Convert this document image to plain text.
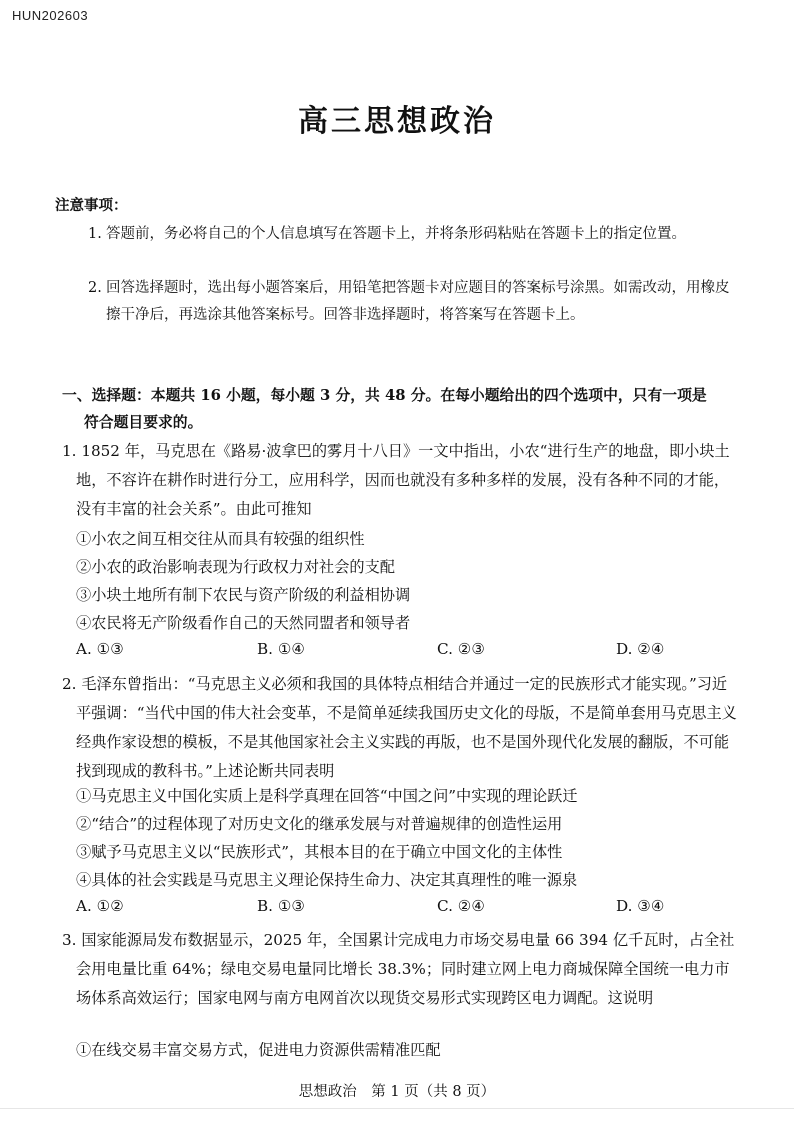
HUN202603
高三思想政治
注意事项：
1. 答题前，务必将自己的个人信息填写在答题卡上，并将条形码粘贴在答题卡上的指定位置。
2. 回答选择题时，选出每小题答案后，用铅笔把答题卡对应题目的答案标号涂黑。如需改动，用橡皮擦干净后，再选涂其他答案标号。回答非选择题时，将答案写在答题卡上。
一、选择题：本题共 16 小题，每小题 3 分，共 48 分。在每小题给出的四个选项中，只有一项是
符合题目要求的。
1. 1852 年，马克思在《路易·波拿巴的雾月十八日》一文中指出，小农“进行生产的地盘，即小块土地，不容许在耕作时进行分工，应用科学，因而也就没有多种多样的发展，没有各种不同的才能，没有丰富的社会关系”。由此可推知
①小农之间互相交往从而具有较强的组织性
②小农的政治影响表现为行政权力对社会的支配
③小块土地所有制下农民与资产阶级的利益相协调
④农民将无产阶级看作自己的天然同盟者和领导者
A. ①③	B. ①④	C. ②③	D. ②④
2. 毛泽东曾指出：“马克思主义必须和我国的具体特点相结合并通过一定的民族形式才能实现。”习近平强调：“当代中国的伟大社会变革，不是简单延续我国历史文化的母版，不是简单套用马克思主义经典作家设想的模板，不是其他国家社会主义实践的再版，也不是国外现代化发展的翻版，不可能找到现成的教科书。”上述论断共同表明
①马克思主义中国化实质上是科学真理在回答“中国之问”中实现的理论跃迁
②“结合”的过程体现了对历史文化的继承发展与对普遍规律的创造性运用
③赋予马克思主义以“民族形式”，其根本目的在于确立中国文化的主体性
④具体的社会实践是马克思主义理论保持生命力、决定其真理性的唯一源泉
A. ①②	B. ①③	C. ②④	D. ③④
3. 国家能源局发布数据显示，2025 年，全国累计完成电力市场交易电量 66 394 亿千瓦时，占全社会用电量比重 64%；绿电交易电量同比增长 38.3%；同时建立网上电力商城保障全国统一电力市场体系高效运行；国家电网与南方电网首次以现货交易形式实现跨区电力调配。这说明
①在线交易丰富交易方式，促进电力资源供需精准匹配
思想政治　第 1 页（共 8 页）
